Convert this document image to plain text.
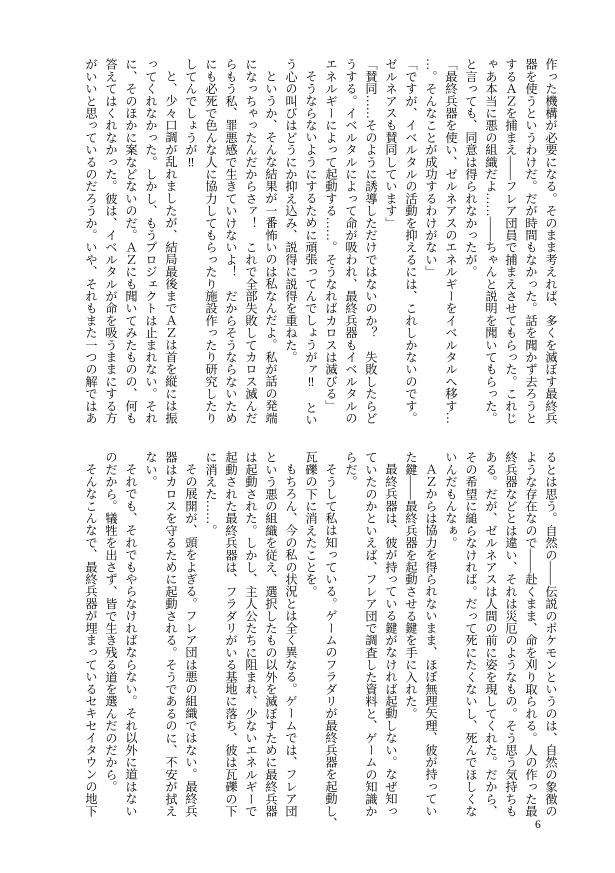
作った機構が必要になる。そのまま考えれば、多くを滅ぼす最終兵
器を使うというわけだ。だが時間もなかった。話を聞かず去ろうと
するＡＺを捕まえ――フレア団員で捕まえさせてもらった。これじ
ゃあ本当に悪の組織だよ……――ちゃんと説明を聞いてもらった。
と言っても、同意は得られなかったが。
「最終兵器を使い、ゼルネアスのエネルギーをイベルタルへ移す…
…。そんなことが成功するわけがない」
「ですが、イベルタルの活動を抑えるには、これしかないのです。
ゼルネアスも賛同しています」
「賛同……そのように誘導しただけではないのか？　失敗したらど
うする。イベルタルによって命が吸われ、最終兵器もイベルタルの
エネルギーによって起動する……。そうなればカロスは滅びる」
そうならないようにするために頑張ってんでしょうがァ‼　とい
う心の叫びはどうにか抑え込み、説得に説得を重ねた。
というか、そんな結果が一番怖いのは私なんだよ。私が話の発端
になっちゃったんだからさァ！　これで全部失敗してカロス滅んだ
らもう私、罪悪感で生きていけないよ！　だからそうならないため
にも必死で色んな人に協力してもらったり施設作ったり研究したり
してんでしょうが‼
と、少々口調が乱れましたが、結局最後までＡＺは首を縦には振
ってくれなかった。しかし、もうプロジェクトは止まれない。それ
に、そのほかに案などないのだ。ＡＺにも聞いてみたものの、何も
答えてはくれなかった。彼は、イベルタルが命を吸うままにする方
がいいと思っているのだろうか。いや、それもまた一つの解ではあ
るとは思う。自然の――伝説のポケモンというのは、自然の象徴の
ような存在なので――赴くまま、命を刈り取られる。人の作った最
終兵器などとは違い、それは災厄のようなもの。そう思う気持ちも
ある。だが、ゼルネアスは人間の前に姿を現してくれた。だから、
その希望に縋らなければ。だって死にたくないし、死んでほしくな
いんだもんなぁ。
ＡＺからは協力を得られないまま、ほぼ無理矢理、彼が持ってい
た鍵――最終兵器を起動させる鍵を手に入れた。
最終兵器は、彼が持っている鍵がなければ起動しない。なぜ知っ
ていたのかといえば、フレア団で調査した資料と、ゲームの知識か
らだ。
そうして私は知っている。ゲームのフラダリが最終兵器を起動し、
瓦礫の下に消えたことを。
もちろん、今の私の状況とは全く異なる。ゲームでは、フレア団
という悪の組織を従え、選択したもの以外を滅ぼすために最終兵器
は起動された。しかし、主人公たちに阻まれ、少ないエネルギーで
起動された最終兵器は、フラダリがいる基地に落ち、彼は瓦礫の下
に消えた……。
その展開が、頭をよぎる。フレア団は悪の組織ではない。最終兵
器はカロスを守るために起動される。そうであるのに、不安が拭え
ない。
それでも、それでもやらなければならない。それ以外に道はない
のだから。犠牲を出さず、皆で生き残る道を選んだのだから。
そんなこんなで、最終兵器が埋まっているセキセイタウンの地下
6
